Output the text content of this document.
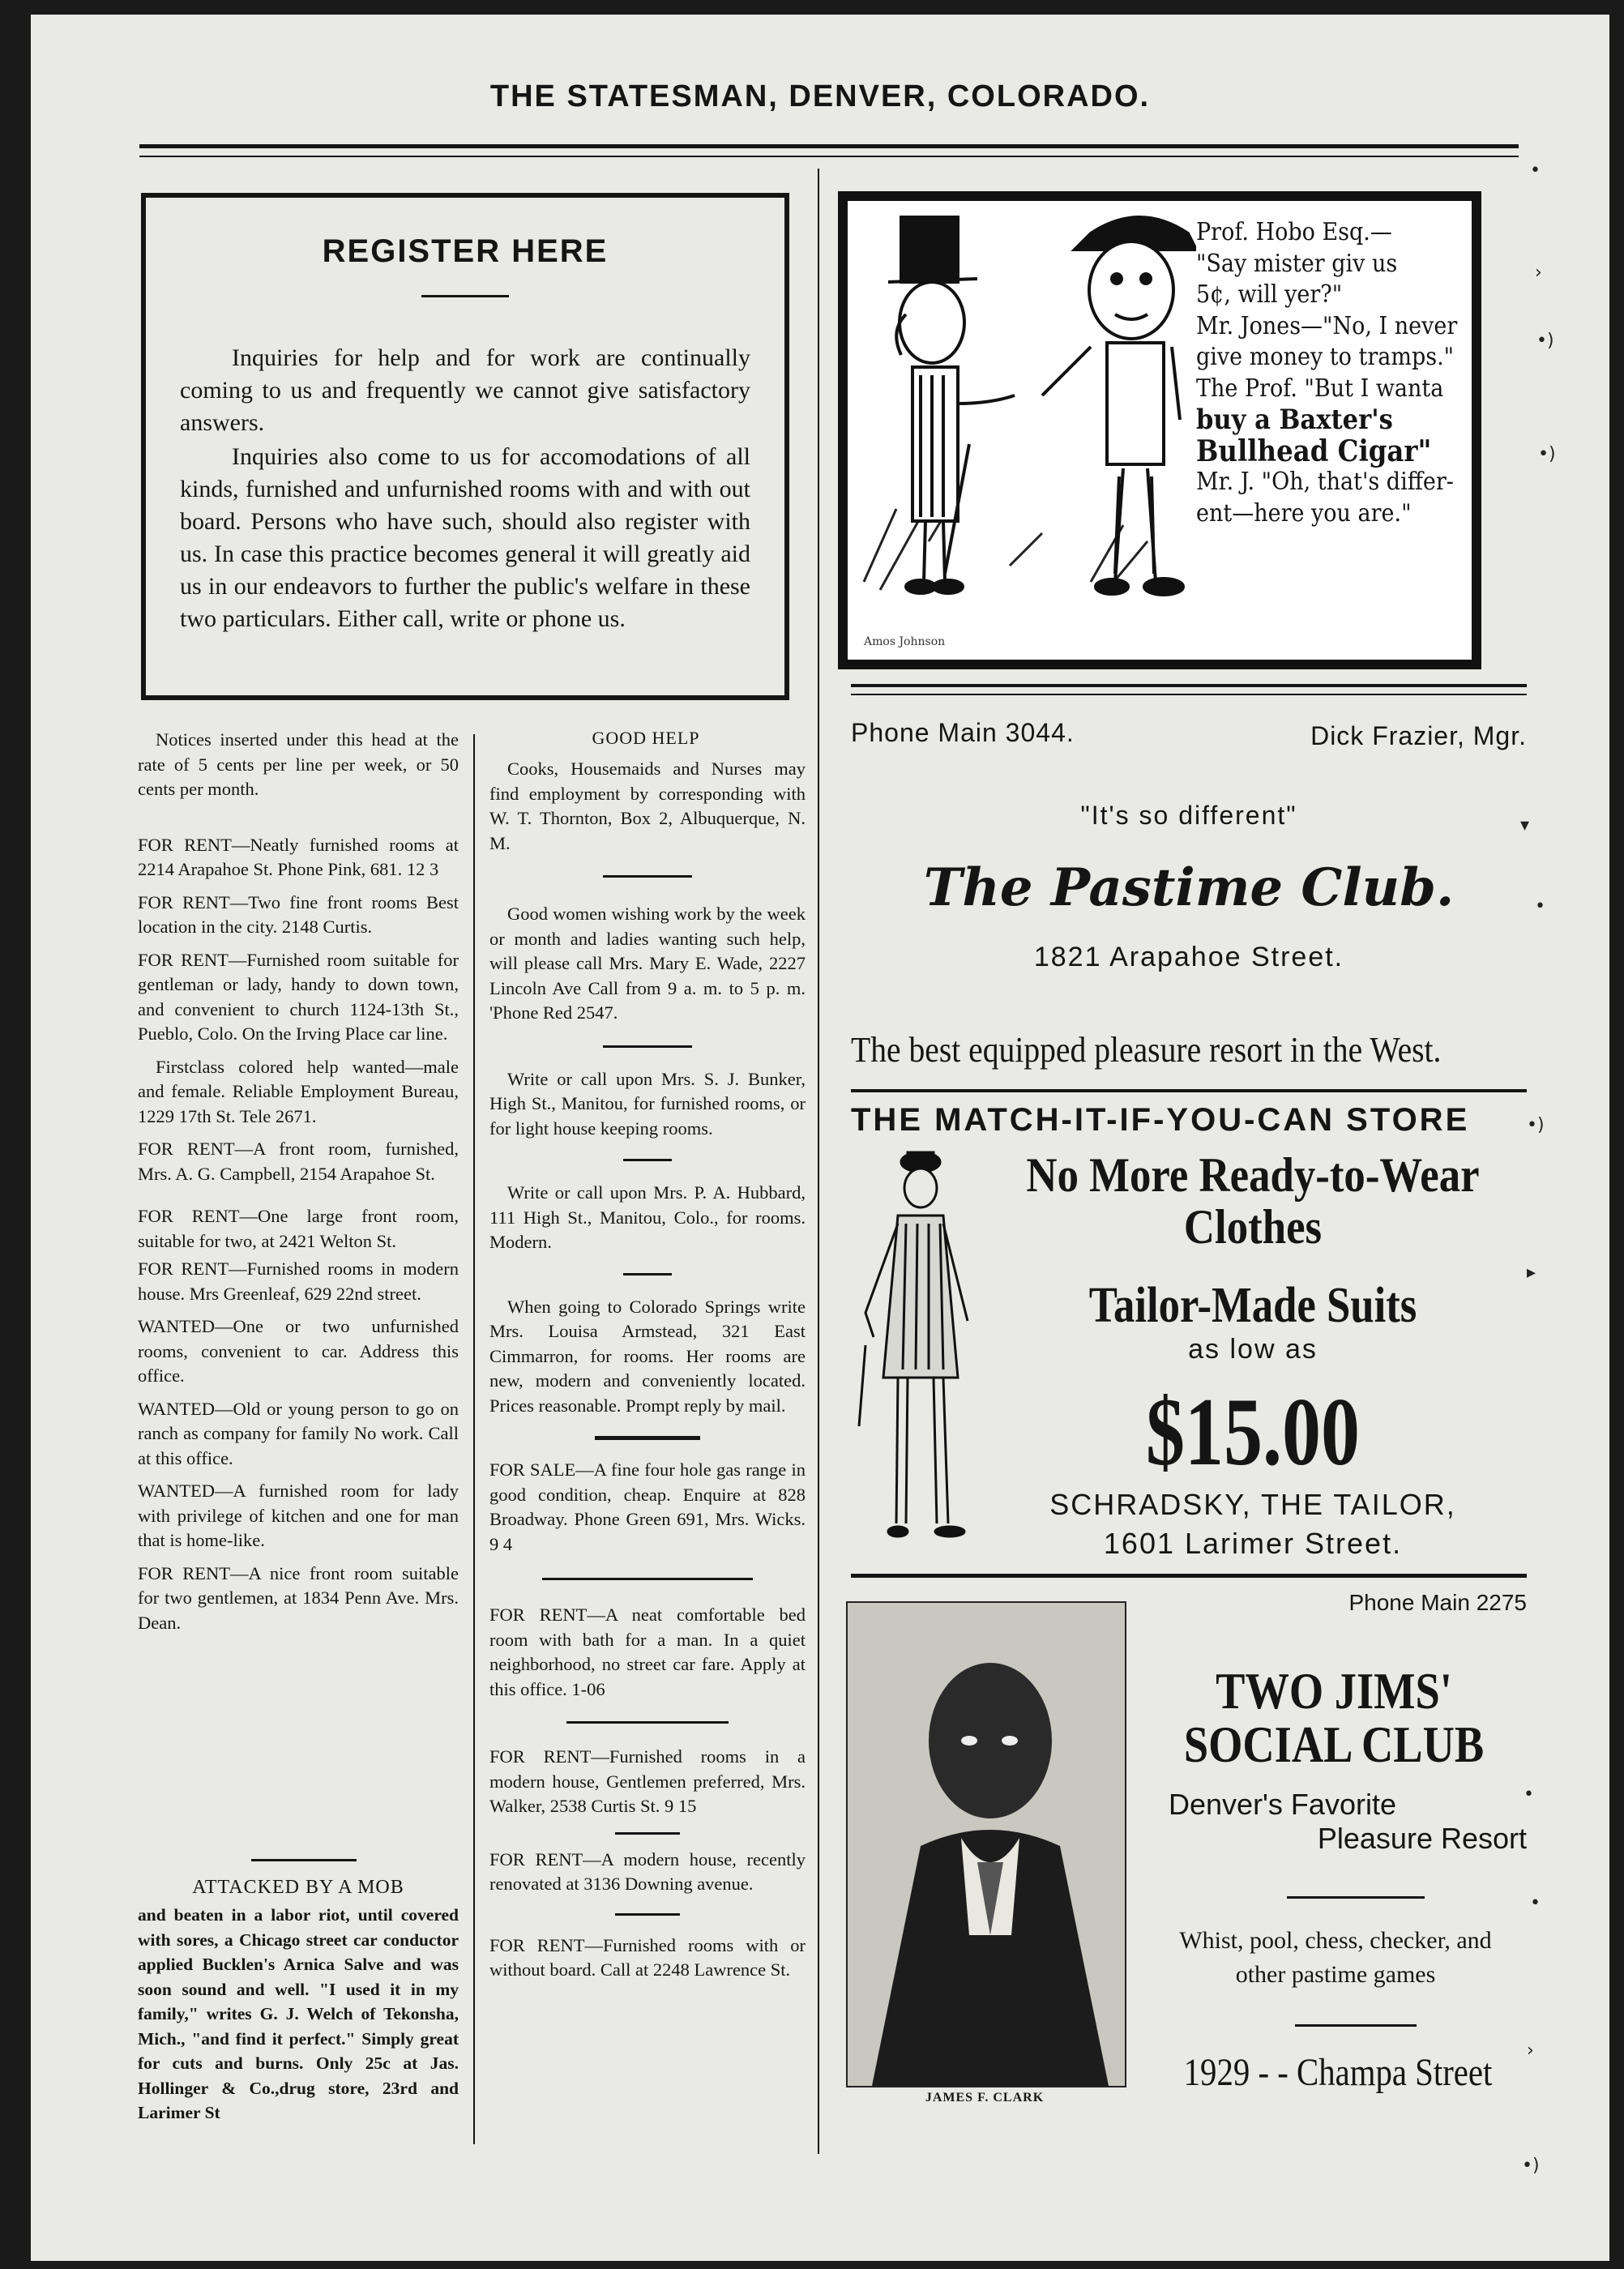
THE STATESMAN, DENVER, COLORADO.
REGISTER HERE
Inquiries for help and for work are continually coming to us and frequently we cannot give satisfactory answers.
Inquiries also come to us for accomodations of all kinds, furnished and unfurnished rooms with and with out board. Persons who have such, should also register with us. In case this practice becomes general it will greatly aid us in our endeavors to further the public's welfare in these two particulars. Either call, write or phone us.

Notices inserted under this head at the rate of 5 cents per line per week, or 50 cents per month.

FOR RENT—Neatly furnished rooms at 2214 Arapahoe St. Phone Pink, 681. 12 3

FOR RENT—Two fine front rooms Best location in the city. 2148 Curtis.

FOR RENT—Furnished room suitable for gentleman or lady, handy to down town, and convenient to church 1124-13th St., Pueblo, Colo. On the Irving Place car line.

Firstclass colored help wanted—male and female. Reliable Employment Bureau, 1229 17th St. Tele 2671.

FOR RENT—A front room, furnished, Mrs. A. G. Campbell, 2154 Arapahoe St.

FOR RENT—One large front room, suitable for two, at 2421 Welton St.

FOR RENT—Furnished rooms in modern house. Mrs Greenleaf, 629 22nd street.

WANTED—One or two unfurnished rooms, convenient to car. Address this office.

WANTED—Old or young person to go on ranch as company for family No work. Call at this office.

WANTED—A furnished room for lady with privilege of kitchen and one for man that is home-like.

FOR RENT—A nice front room suitable for two gentlemen, at 1834 Penn Ave. Mrs. Dean.

ATTACKED BY A MOB
and beaten in a labor riot, until covered with sores, a Chicago street car conductor applied Bucklen's Arnica Salve and was soon sound and well. "I used it in my family," writes G. J. Welch of Tekonsha, Mich., "and find it perfect." Simply great for cuts and burns. Only 25c at Jas. Hollinger & Co.,drug store, 23rd and Larimer St
GOOD HELP

Cooks, Housemaids and Nurses may find employment by corresponding with W. T. Thornton, Box 2, Albuquerque, N. M.

Good women wishing work by the week or month and ladies wanting such help, will please call Mrs. Mary E. Wade, 2227 Lincoln Ave Call from 9 a. m. to 5 p. m. 'Phone Red 2547.

Write or call upon Mrs. S. J. Bunker, High St., Manitou, for furnished rooms, or for light house keeping rooms.

Write or call upon Mrs. P. A. Hubbard, 111 High St., Manitou, Colo., for rooms. Modern.

When going to Colorado Springs write Mrs. Louisa Armstead, 321 East Cimmarron, for rooms. Her rooms are new, modern and conveniently located. Prices reasonable. Prompt reply by mail.

FOR SALE—A fine four hole gas range in good condition, cheap. Enquire at 828 Broadway. Phone Green 691, Mrs. Wicks. 9 4

FOR RENT—A neat comfortable bed room with bath for a man. In a quiet neighborhood, no street car fare. Apply at this office. 1-06

FOR RENT—Furnished rooms in a modern house, Gentlemen preferred, Mrs. Walker, 2538 Curtis St. 9 15

FOR RENT—A modern house, recently renovated at 3136 Downing avenue.

FOR RENT—Furnished rooms with or without board. Call at 2248 Lawrence St.

Amos Johnson
Prof. Hobo Esq.—
"Say mister giv us
5¢, will yer?"
Mr. Jones—"No, I never
give money to tramps."
The Prof. "But I wanta
buy a Baxter's
Bullhead Cigar"
Mr. J. "Oh, that's differ-
ent—here you are."
Phone Main 3044.	Dick Frazier, Mgr.
"It's so different"
The Pastime Club.
1821 Arapahoe Street.
The best equipped pleasure resort in the West.
THE MATCH-IT-IF-YOU-CAN STORE
No More Ready-to-Wear
Clothes
Tailor-Made Suits
as low as
$15.00
SCHRADSKY, THE TAILOR,
1601 Larimer Street.
JAMES F. CLARK
Phone Main 2275
TWO JIMS'
SOCIAL CLUB
Denver's Favorite
Pleasure Resort
Whist, pool, chess, checker, and other pastime games
1929 - - Champa Street
•
›
•)
•)
▾
•
•)
▸
•
•
›
•)
